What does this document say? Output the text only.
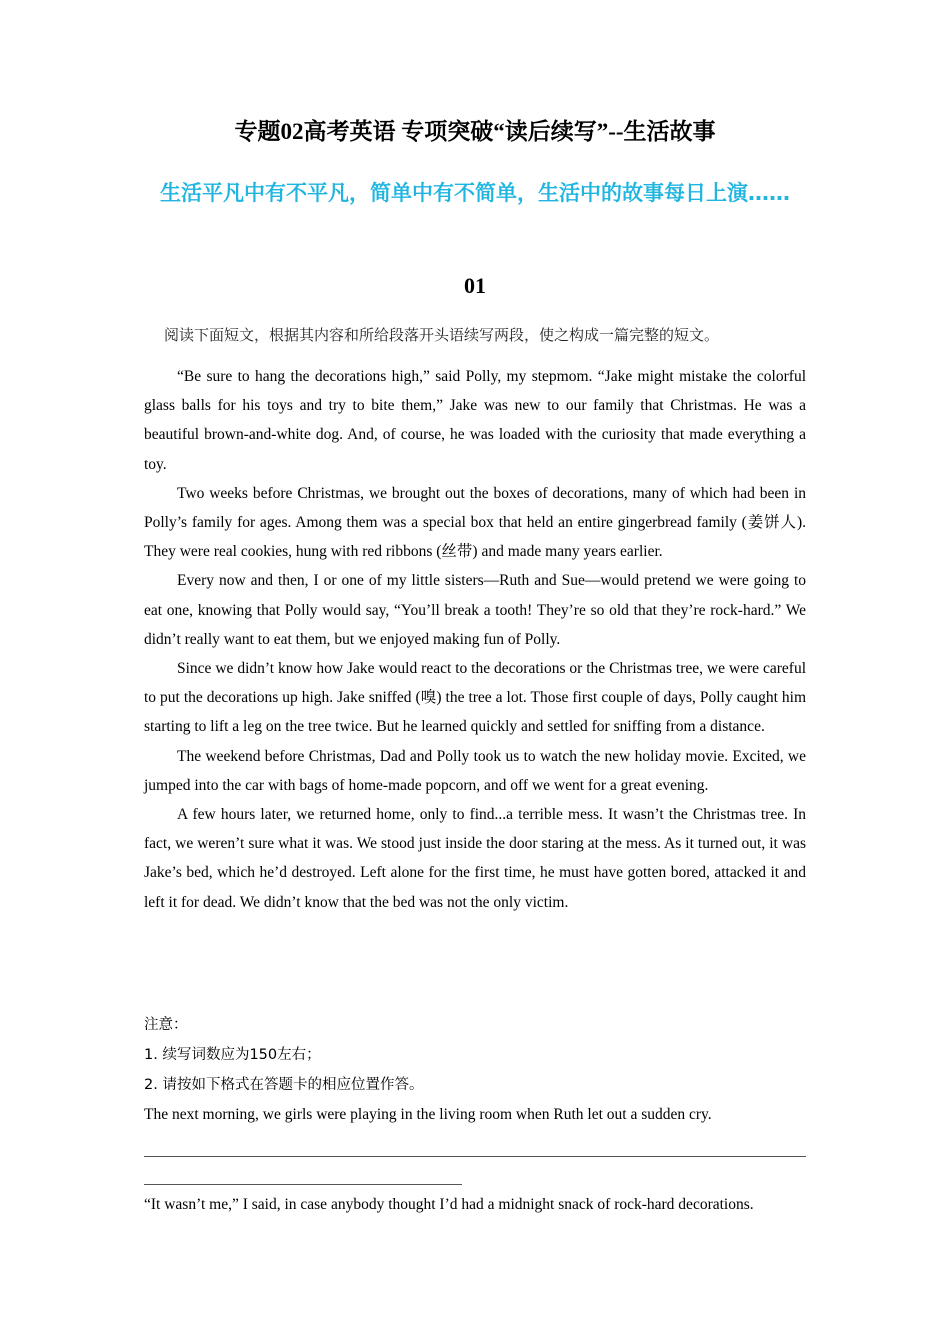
专题02高考英语 专项突破“读后续写”--生活故事
生活平凡中有不平凡，简单中有不简单，生活中的故事每日上演……
01
阅读下面短文，根据其内容和所给段落开头语续写两段，使之构成一篇完整的短文。

“Be sure to hang the decorations high,” said Polly, my stepmom. “Jake might mistake the colorful glass balls for his toys and try to bite them,” Jake was new to our family that Christmas. He was a beautiful brown-and-white dog. And, of course, he was loaded with the curiosity that made everything a toy.

Two weeks before Christmas, we brought out the boxes of decorations, many of which had been in Polly’s family for ages. Among them was a special box that held an entire gingerbread family (姜饼人). They were real cookies, hung with red ribbons (丝带) and made many years earlier.

Every now and then, I or one of my little sisters—Ruth and Sue—would pretend we were going to eat one, knowing that Polly would say, “You’ll break a tooth! They’re so old that they’re rock-hard.” We didn’t really want to eat them, but we enjoyed making fun of Polly.

Since we didn’t know how Jake would react to the decorations or the Christmas tree, we were careful to put the decorations up high. Jake sniffed (嗅) the tree a lot. Those first couple of days, Polly caught him starting to lift a leg on the tree twice. But he learned quickly and settled for sniffing from a distance.

The weekend before Christmas, Dad and Polly took us to watch the new holiday movie. Excited, we jumped into the car with bags of home-made popcorn, and off we went for a great evening.

A few hours later, we returned home, only to find...a terrible mess. It wasn’t the Christmas tree. In fact, we weren’t sure what it was. We stood just inside the door staring at the mess. As it turned out, it was Jake’s bed, which he’d destroyed. Left alone for the first time, he must have gotten bored, attacked it and left it for dead. We didn’t know that the bed was not the only victim.

注意：
1. 续写词数应为150左右；
2. 请按如下格式在答题卡的相应位置作答。
The next morning, we girls were playing in the living room when Ruth let out a sudden cry.
“It wasn’t me,” I said, in case anybody thought I’d had a midnight snack of rock-hard decorations.
